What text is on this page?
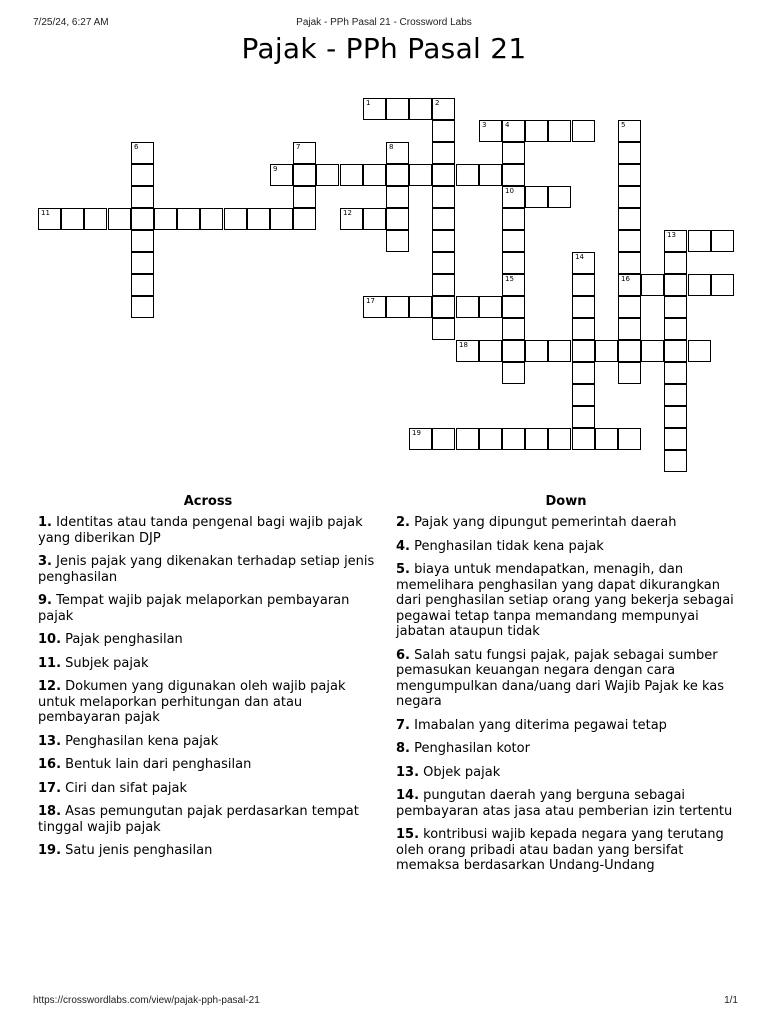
7/25/24, 6:27 AM	Pajak - PPh Pasal 21 - Crossword Labs
Pajak - PPh Pasal 21
1	2
3	4
9
10
11	12
13
16
17
18
19
15
5
6	7	8
14
Across
1. Identitas atau tanda pengenal bagi wajib pajak yang diberikan DJP
3. Jenis pajak yang dikenakan terhadap setiap jenis penghasilan
9. Tempat wajib pajak melaporkan pembayaran pajak
10. Pajak penghasilan
11. Subjek pajak
12. Dokumen yang digunakan oleh wajib pajak untuk melaporkan perhitungan dan atau pembayaran pajak
13. Penghasilan kena pajak
16. Bentuk lain dari penghasilan
17. Ciri dan sifat pajak
18. Asas pemungutan pajak perdasarkan tempat tinggal wajib pajak
19. Satu jenis penghasilan
Down
2. Pajak yang dipungut pemerintah daerah
4. Penghasilan tidak kena pajak
5. biaya untuk mendapatkan, menagih, dan memelihara penghasilan yang dapat dikurangkan dari penghasilan setiap orang yang bekerja sebagai pegawai tetap tanpa memandang mempunyai jabatan ataupun tidak
6. Salah satu fungsi pajak, pajak sebagai sumber pemasukan keuangan negara dengan cara mengumpulkan dana/uang dari Wajib Pajak ke kas negara
7. Imabalan yang diterima pegawai tetap
8. Penghasilan kotor
13. Objek pajak
14. pungutan daerah yang berguna sebagai pembayaran atas jasa atau pemberian izin tertentu
15. kontribusi wajib kepada negara yang terutang oleh orang pribadi atau badan yang bersifat memaksa berdasarkan Undang-Undang
https://crosswordlabs.com/view/pajak-pph-pasal-21	1/1
